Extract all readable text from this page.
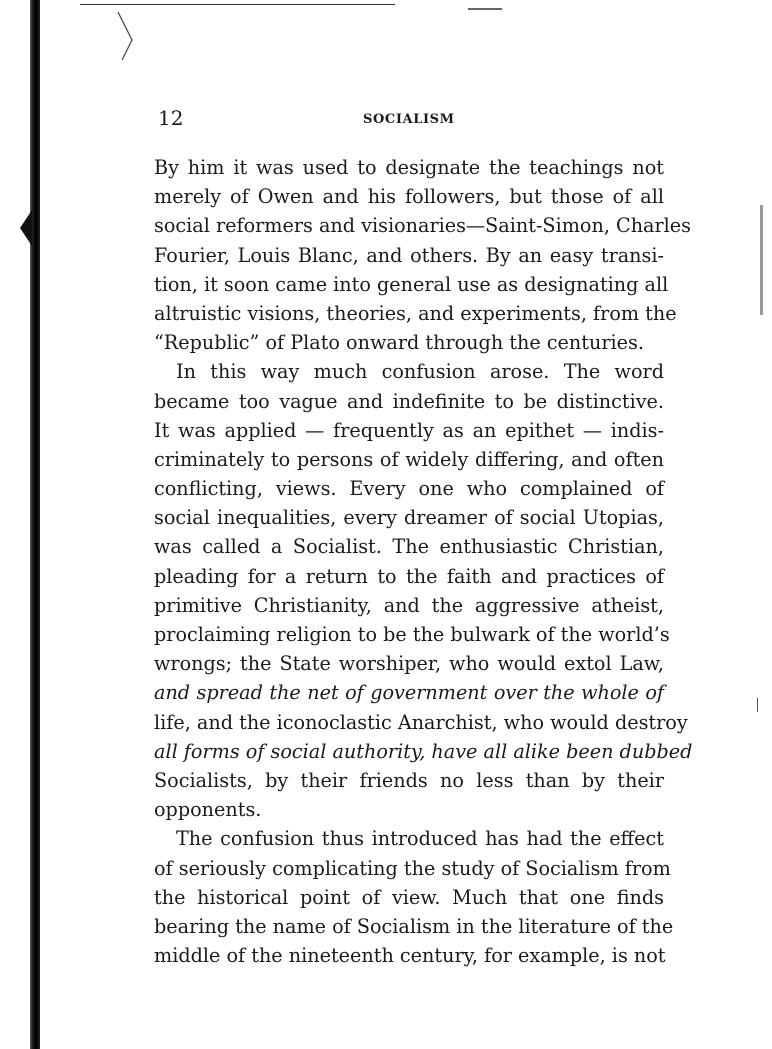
12	SOCIALISM
By him it was used to designate the teachings not
merely of Owen and his followers, but those of all
social reformers and visionaries—Saint-Simon, Charles
Fourier, Louis Blanc, and others. By an easy transi-
tion, it soon came into general use as designating all
altruistic visions, theories, and experiments, from the
“Republic” of Plato onward through the centuries.
In this way much confusion arose. The word
became too vague and indefinite to be distinctive.
It was applied — frequently as an epithet — indis-
criminately to persons of widely differing, and often
conflicting, views. Every one who complained of
social inequalities, every dreamer of social Utopias,
was called a Socialist. The enthusiastic Christian,
pleading for a return to the faith and practices of
primitive Christianity, and the aggressive atheist,
proclaiming religion to be the bulwark of the world’s
wrongs; the State worshiper, who would extol Law,
and spread the net of government over the whole of
life, and the iconoclastic Anarchist, who would destroy
all forms of social authority, have all alike been dubbed
Socialists, by their friends no less than by their
opponents.
The confusion thus introduced has had the effect
of seriously complicating the study of Socialism from
the historical point of view. Much that one finds
bearing the name of Socialism in the literature of the
middle of the nineteenth century, for example, is not
